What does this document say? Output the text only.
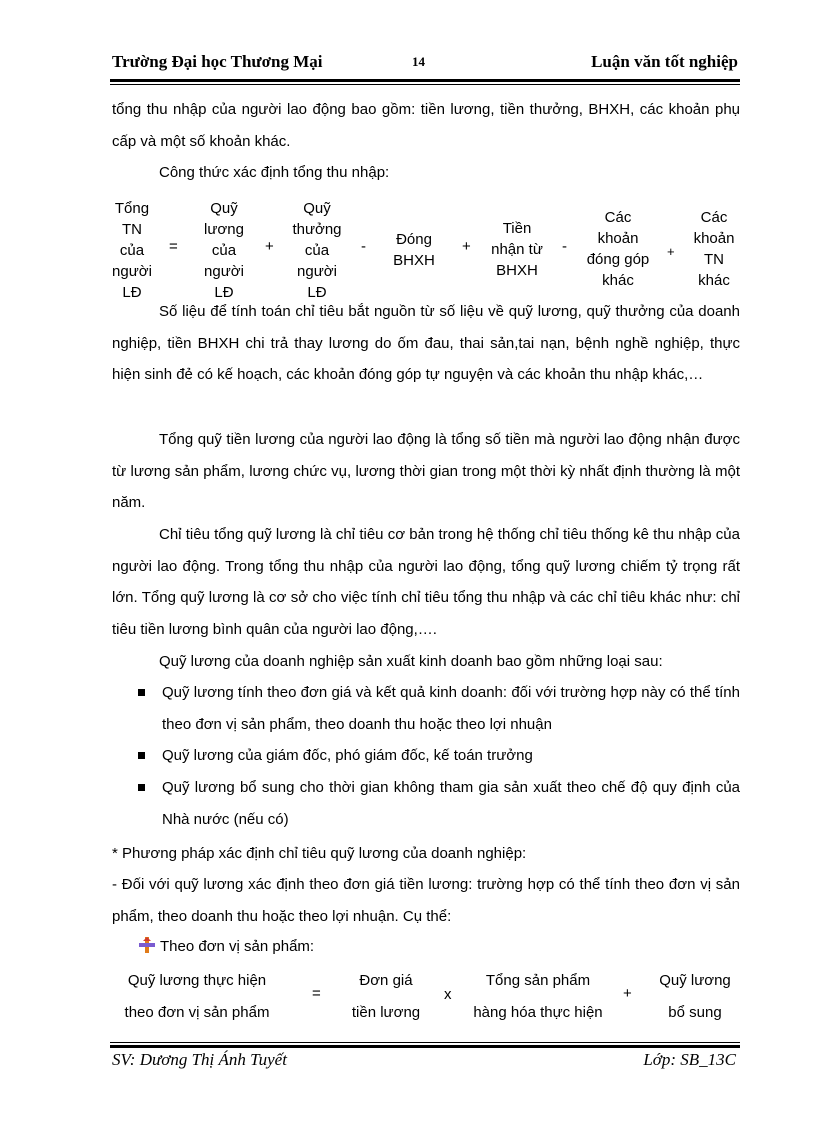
Trường Đại học Thương Mại	14	Luận văn tốt nghiệp
tổng thu nhập của người lao động bao gồm: tiền lương, tiền thưởng, BHXH, các khoản phụ cấp và một số khoản khác.
Công thức xác định tổng thu nhập:
Tổng
TN
của
người
LĐ
=
Quỹ
lương
của
người
LĐ
+
Quỹ
thưởng
của
người
LĐ
-	Đóng
BHXH
+
Tiền
nhận từ
BHXH
-
Các
khoản
đóng góp
khác
+
Các
khoản
TN
khác
Số liệu để tính toán chỉ tiêu bắt nguồn từ số liệu về quỹ lương, quỹ thưởng của doanh nghiệp, tiền BHXH chi trả thay lương do ốm đau, thai sản,tai nạn, bệnh nghề nghiệp, thực hiện sinh đẻ có kế hoạch, các khoản đóng góp tự nguyện và các khoản thu nhập khác,…
Tổng quỹ tiền lương của người lao động là tổng số tiền mà người lao động nhận được từ lương sản phẩm, lương chức vụ, lương thời gian trong một thời kỳ nhất định thường là một năm.
Chỉ tiêu tổng quỹ lương là chỉ tiêu cơ bản trong hệ thống chỉ tiêu thống kê thu nhập của người lao động. Trong tổng thu nhập của người lao động, tổng quỹ lương chiếm tỷ trọng rất lớn. Tổng quỹ lương là cơ sở cho việc tính chỉ tiêu tổng thu nhập và các chỉ tiêu khác như: chỉ tiêu tiền lương bình quân của người lao động,….
Quỹ lương của doanh nghiệp sản xuất kinh doanh bao gồm những loại sau:
Quỹ lương tính theo đơn giá và kết quả kinh doanh: đối với trường hợp này có thể tính theo đơn vị sản phẩm, theo doanh thu hoặc theo lợi nhuận
Quỹ lương của giám đốc, phó giám đốc, kế toán trưởng
Quỹ lương bổ sung cho thời gian không tham gia sản xuất theo chế độ quy định của Nhà nước (nếu có)
* Phương pháp xác định chỉ tiêu quỹ lương của doanh nghiệp:
- Đối với quỹ lương xác định theo đơn giá tiền lương: trường hợp có thể tính theo đơn vị sản phẩm, theo doanh thu hoặc theo lợi nhuận. Cụ thể:
Theo đơn vị sản phẩm:
Quỹ lương thực hiện
theo đơn vị sản phẩm
=
Đơn giá
tiền lương
x
Tổng sản phẩm
hàng hóa thực hiện
+
Quỹ lương
bổ sung
SV: Dương Thị Ánh Tuyết	Lớp: SB_13C
